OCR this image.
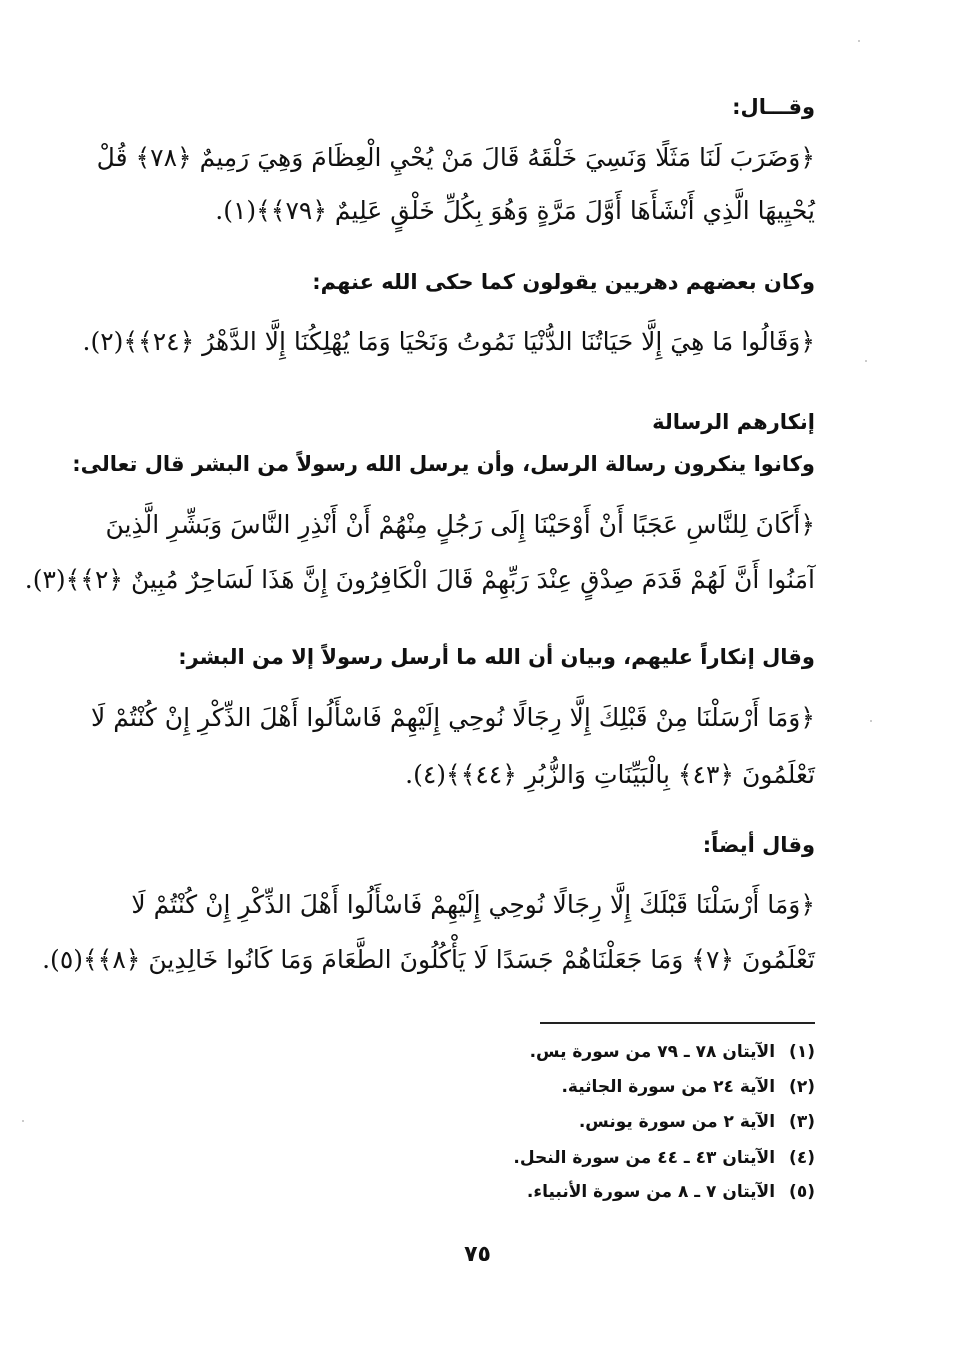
وقـــال:
﴿وَضَرَبَ لَنَا مَثَلًا وَنَسِيَ خَلْقَهُ قَالَ مَنْ يُحْيِ الْعِظَامَ وَهِيَ رَمِيمٌ ﴿٧٨﴾ قُلْ
يُحْيِيهَا الَّذِي أَنْشَأَهَا أَوَّلَ مَرَّةٍ وَهُوَ بِكُلِّ خَلْقٍ عَلِيمٌ ﴿٧٩﴾﴾(١).
وكان بعضهم دهريين يقولون كما حكى الله عنهم:
﴿وَقَالُوا مَا هِيَ إِلَّا حَيَاتُنَا الدُّنْيَا نَمُوتُ وَنَحْيَا وَمَا يُهْلِكُنَا إِلَّا الدَّهْرُ ﴿٢٤﴾﴾(٢).
إنكارهم الرسالة
وكانوا ينكرون رسالة الرسل، وأن يرسل الله رسولاً من البشر قال تعالى:
﴿أَكَانَ لِلنَّاسِ عَجَبًا أَنْ أَوْحَيْنَا إِلَى رَجُلٍ مِنْهُمْ أَنْ أَنْذِرِ النَّاسَ وَبَشِّرِ الَّذِينَ
آمَنُوا أَنَّ لَهُمْ قَدَمَ صِدْقٍ عِنْدَ رَبِّهِمْ قَالَ الْكَافِرُونَ إِنَّ هَذَا لَسَاحِرٌ مُبِينٌ ﴿٢﴾﴾(٣).
وقال إنكاراً عليهم، وبيان أن الله ما أرسل رسولاً إلا من البشر:
﴿وَمَا أَرْسَلْنَا مِنْ قَبْلِكَ إِلَّا رِجَالًا نُوحِي إِلَيْهِمْ فَاسْأَلُوا أَهْلَ الذِّكْرِ إِنْ كُنْتُمْ لَا
تَعْلَمُونَ ﴿٤٣﴾ بِالْبَيِّنَاتِ وَالزُّبُرِ ﴿٤٤﴾﴾(٤).
وقال أيضاً:
﴿وَمَا أَرْسَلْنَا قَبْلَكَ إِلَّا رِجَالًا نُوحِي إِلَيْهِمْ فَاسْأَلُوا أَهْلَ الذِّكْرِ إِنْ كُنْتُمْ لَا
تَعْلَمُونَ ﴿٧﴾ وَمَا جَعَلْنَاهُمْ جَسَدًا لَا يَأْكُلُونَ الطَّعَامَ وَمَا كَانُوا خَالِدِينَ ﴿٨﴾﴾(٥).
(١)الآيتان ٧٨ ـ ٧٩ من سورة يس.
(٢)الآية ٢٤ من سورة الجاثية.
(٣)الآية ٢ من سورة يونس.
(٤)الآيتان ٤٣ ـ ٤٤ من سورة النحل.
(٥)الآيتان ٧ ـ ٨ من سورة الأنبياء.
٧٥
